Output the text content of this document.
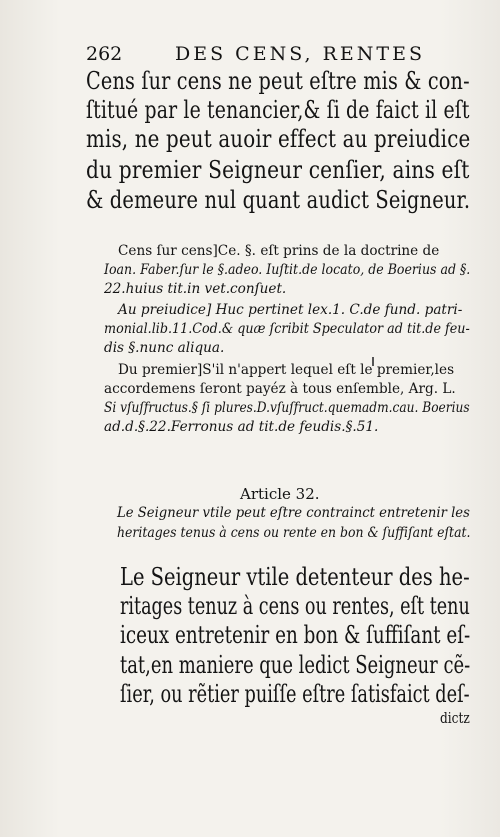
262	DES CENS, RENTES
Cens ſur cens ne peut eſtre mis & con-
ſtitué par le tenancier,& ſi de faict il eſt
mis, ne peut auoir effect au preiudice
du premier Seigneur cenſier, ains eſt
& demeure nul quant audict Seigneur.
Cens ſur cens]Ce. §. eſt prins de la doctrine de
Ioan. Faber.ſur le §.adeo. Iuſtit.de locato, de Boerius ad §.
22.huius tit.in vet.conſuet.
Au preiudice] Huc pertinet lex.1. C.de fund. patri-
monial.lib.11.Cod.& quæ ſcribit Speculator ad tit.de feu-
dis §.nunc aliqua.
Du premier]S'il n'appert lequel eſt le premier,les
accordemens ſeront payéz à tous enſemble, Arg. L.
Si vſuſfructus.§ ſi plures.D.vſuſfruct.quemadm.cau. Boerius
ad.d.§.22.Ferronus ad tit.de feudis.§.51.
Article 32.
Le Seigneur vtile peut eſtre contrainct entretenir les
heritages tenus à cens ou rente en bon & ſuffiſant eſtat.
Le Seigneur vtile detenteur des he-
ritages tenuz à cens ou rentes, eſt tenu
iceux entretenir en bon & ſuffiſant eſ-
tat,en maniere que ledict Seigneur cẽ-
ſier, ou rẽtier puiſſe eſtre ſatisfaict deſ-
dictz
